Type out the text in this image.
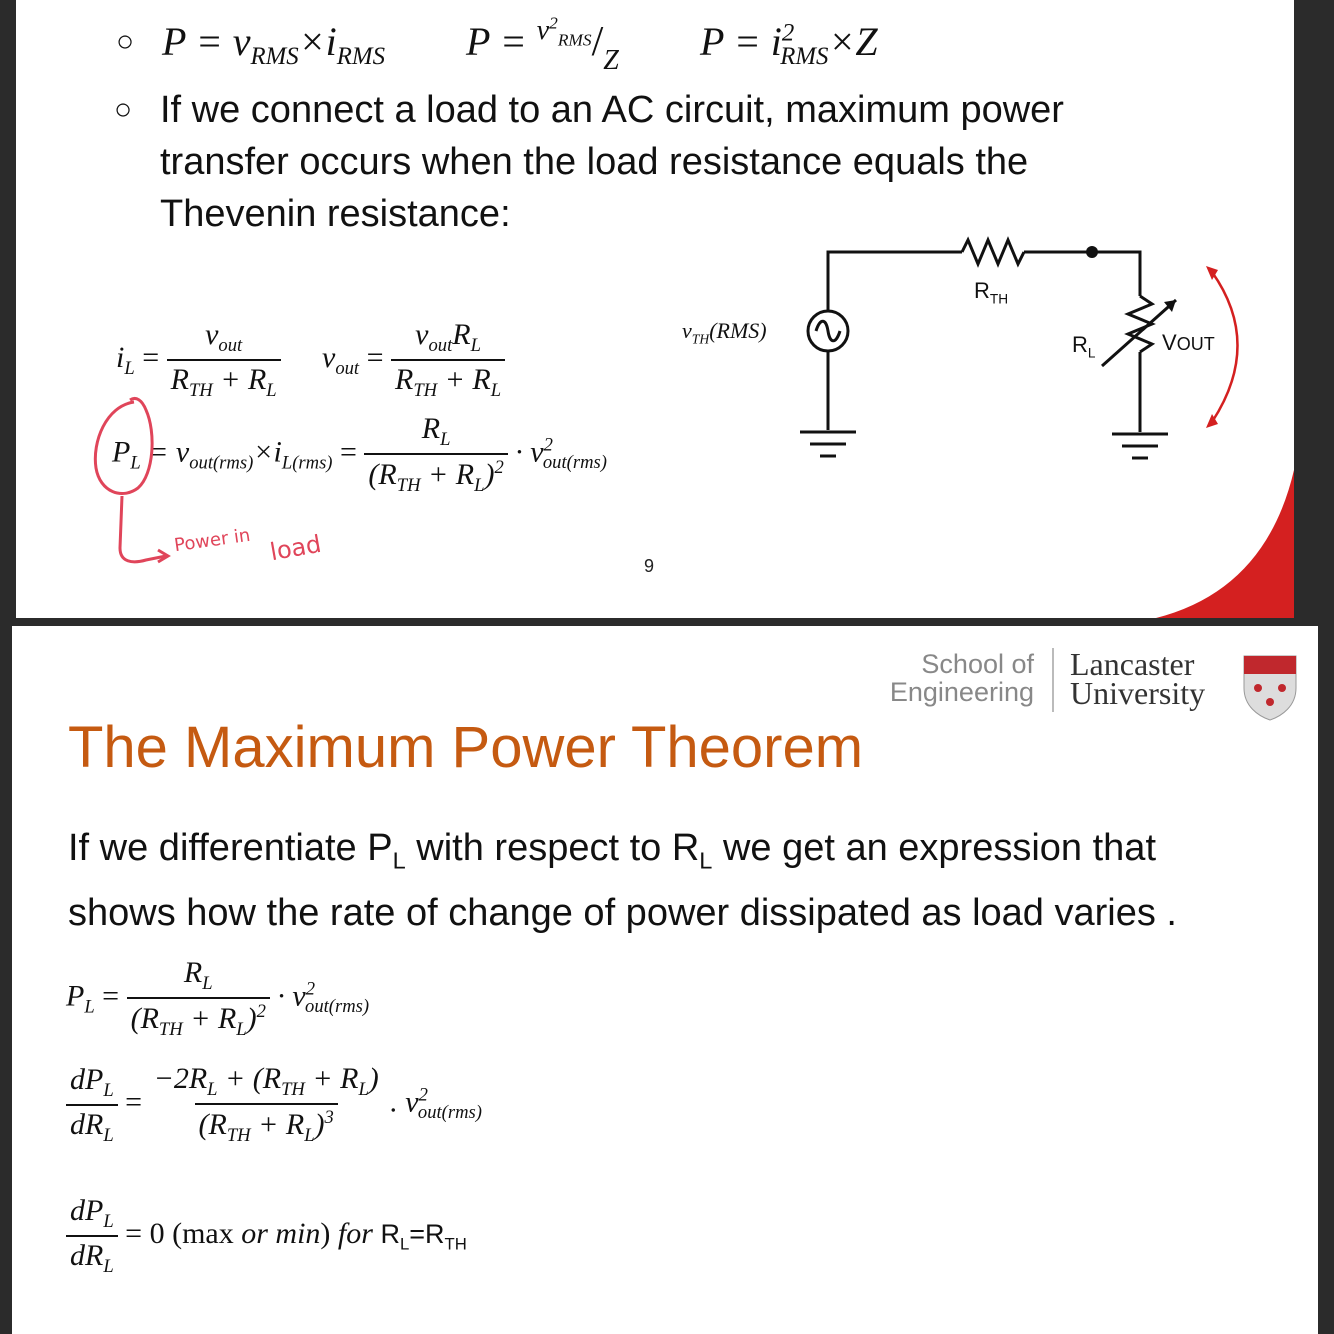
○ $P = v_{RMS}\times i_{RMS}$ $P = v^2_{RMS}/_Z$ $P = i^2_{RMS}\times Z$
○ If we connect a load to an AC circuit, maximum power transfer occurs when the load resistance equals the Thevenin resistance:
$i_L = \frac{v_{out}}{R_{TH} + R_L} v_{out} = \frac{v_{out}R_L}{R_{TH} + R_L}$
$P_L = v_{out(rms)}\times i_{L(rms)} = \frac{R_L}{(R_{TH} + R_L)^2} \cdot v^2_{out(rms)}$
Power in load
$v_{TH}(RMS)$
$R_{TH}$
$R_L$	VOUT
9
School of
Engineering
Lancaster
University
The Maximum Power Theorem
If we differentiate $P_L$ with respect to $R_L$ we get an expression that shows how the rate of change of power dissipated as load varies .
$P_L = \frac{R_L}{(R_{TH} + R_L)^2} \cdot v^2_{out(rms)}$
$\frac{dP_L}{dR_L} = \frac{-2R_L + (R_{TH} + R_L)}{(R_{TH} + R_L)^3}$ . $v^2_{out(rms)}$
$\frac{dP_L}{dR_L} = 0$ (max or min) for $R_L=R_{TH}$
